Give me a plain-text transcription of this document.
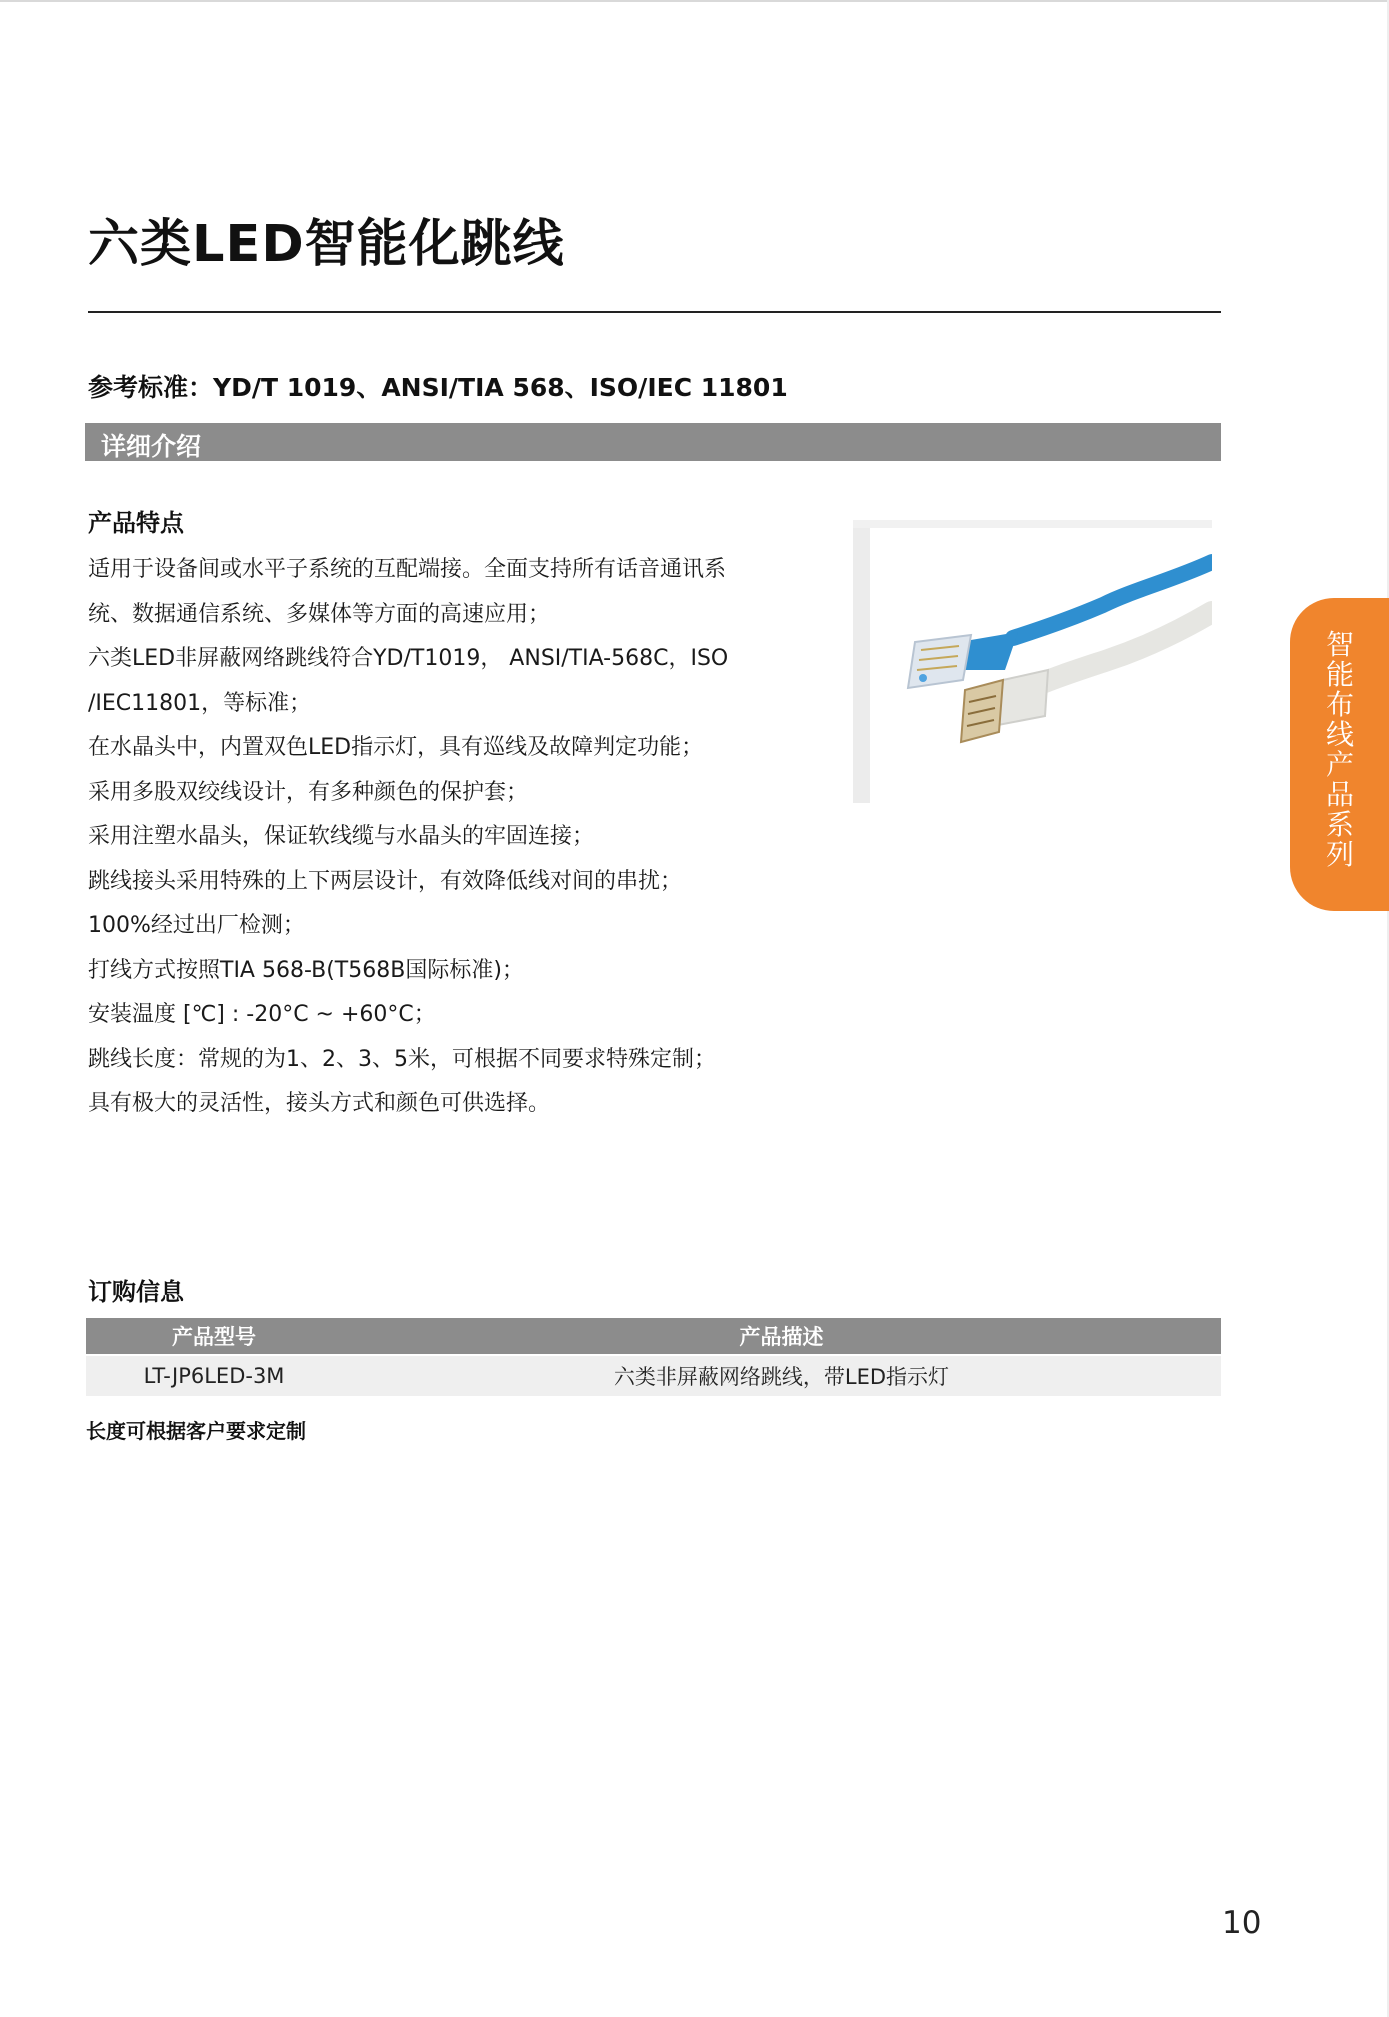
六类LED智能化跳线
参考标准：YD/T 1019、ANSI/TIA 568、ISO/IEC 11801
详细介绍
产品特点
适用于设备间或水平子系统的互配端接。全面支持所有话音通讯系
统、数据通信系统、多媒体等方面的高速应用；
六类LED非屏蔽网络跳线符合YD/T1019， ANSI/TIA-568C，ISO
/IEC11801，等标准；
在水晶头中，内置双色LED指示灯，具有巡线及故障判定功能；
采用多股双绞线设计，有多种颜色的保护套；
采用注塑水晶头，保证软线缆与水晶头的牢固连接；
跳线接头采用特殊的上下两层设计，有效降低线对间的串扰；
100%经过出厂检测；
打线方式按照TIA 568-B(T568B国际标准)；
安装温度 [℃] : -20°C ~ +60°C；
跳线长度：常规的为1、2、3、5米，可根据不同要求特殊定制；
具有极大的灵活性，接头方式和颜色可供选择。
智
能
布
线
产
品
系
列
订购信息
产品型号	产品描述
LT-JP6LED-3M	六类非屏蔽网络跳线，带LED指示灯
长度可根据客户要求定制
10
